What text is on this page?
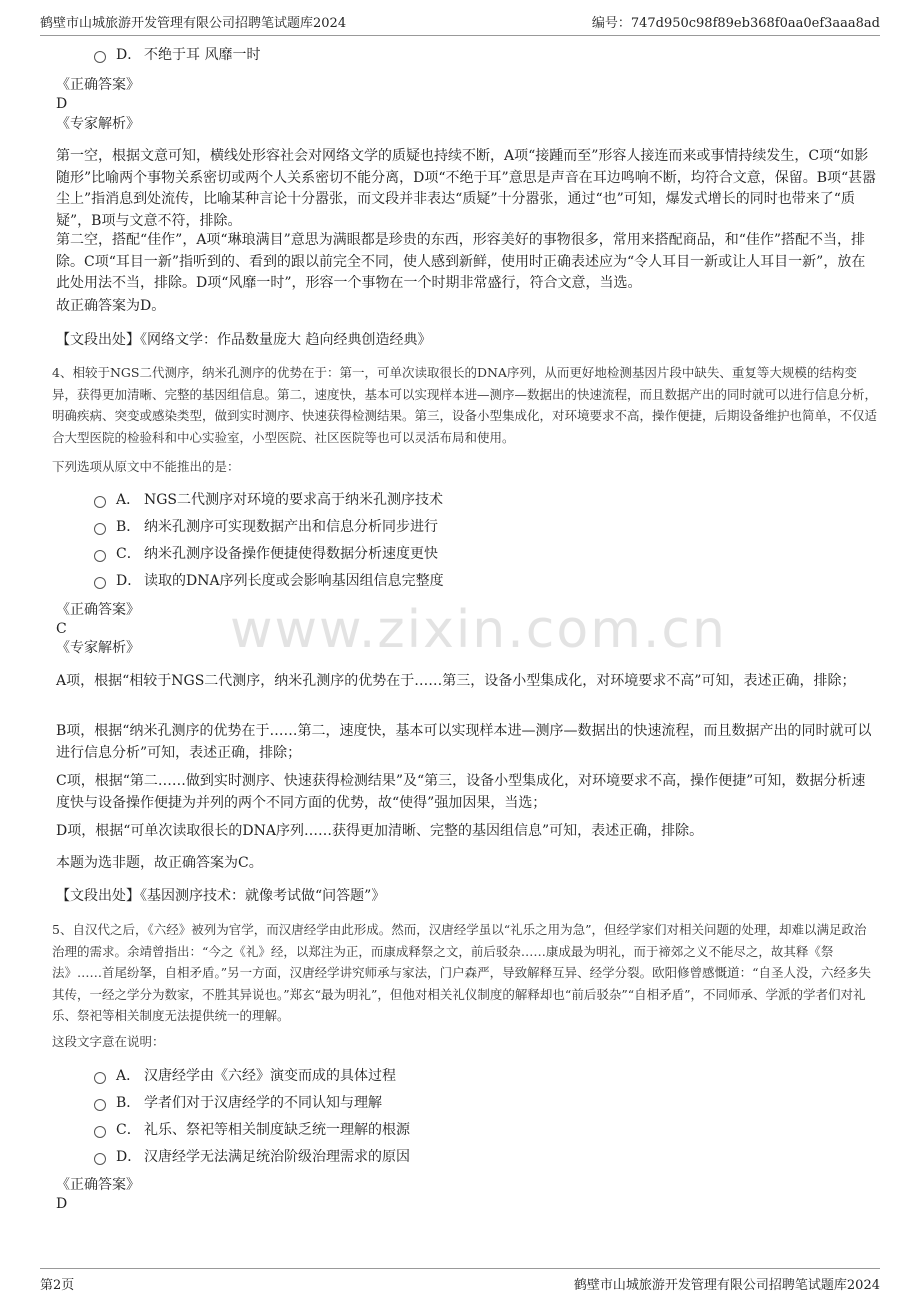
鹤壁市山城旅游开发管理有限公司招聘笔试题库2024	编号：747d950c98f89eb368f0aa0ef3aaa8ad
www.zixin.com.cn
D． 不绝于耳 风靡一时
《正确答案》
D
《专家解析》
第一空，根据文意可知，横线处形容社会对网络文学的质疑也持续不断，A项“接踵而至”形容人接连而来或事情持续发生，C项“如影随形”比喻两个事物关系密切或两个人关系密切不能分离，D项“不绝于耳”意思是声音在耳边鸣响不断，均符合文意，保留。B项“甚嚣尘上”指消息到处流传，比喻某种言论十分嚣张，而文段并非表达“质疑”十分嚣张，通过“也”可知，爆发式增长的同时也带来了“质疑”，B项与文意不符，排除。
第二空，搭配“佳作”，A项“琳琅满目”意思为满眼都是珍贵的东西，形容美好的事物很多，常用来搭配商品，和“佳作”搭配不当，排除。C项“耳目一新”指听到的、看到的跟以前完全不同，使人感到新鲜，使用时正确表述应为“令人耳目一新或让人耳目一新”，放在此处用法不当，排除。D项“风靡一时”，形容一个事物在一个时期非常盛行，符合文意，当选。
故正确答案为D。
【文段出处】《网络文学：作品数量庞大 趋向经典创造经典》
4、相较于NGS二代测序，纳米孔测序的优势在于：第一，可单次读取很长的DNA序列，从而更好地检测基因片段中缺失、重复等大规模的结构变异，获得更加清晰、完整的基因组信息。第二，速度快，基本可以实现样本进—测序—数据出的快速流程，而且数据产出的同时就可以进行信息分析，明确疾病、突变或感染类型，做到实时测序、快速获得检测结果。第三，设备小型集成化，对环境要求不高，操作便捷，后期设备维护也简单，不仅适合大型医院的检验科和中心实验室，小型医院、社区医院等也可以灵活布局和使用。
下列选项从原文中不能推出的是：
A． NGS二代测序对环境的要求高于纳米孔测序技术
B． 纳米孔测序可实现数据产出和信息分析同步进行
C． 纳米孔测序设备操作便捷使得数据分析速度更快
D． 读取的DNA序列长度或会影响基因组信息完整度
《正确答案》
C
《专家解析》
A项，根据“相较于NGS二代测序，纳米孔测序的优势在于……第三，设备小型集成化，对环境要求不高”可知，表述正确，排除；
B项，根据“纳米孔测序的优势在于……第二，速度快，基本可以实现样本进—测序—数据出的快速流程，而且数据产出的同时就可以进行信息分析”可知，表述正确，排除；
C项，根据“第二……做到实时测序、快速获得检测结果”及“第三，设备小型集成化，对环境要求不高，操作便捷”可知，数据分析速度快与设备操作便捷为并列的两个不同方面的优势，故“使得”强加因果，当选；
D项，根据“可单次读取很长的DNA序列……获得更加清晰、完整的基因组信息”可知，表述正确，排除。
本题为选非题，故正确答案为C。
【文段出处】《基因测序技术：就像考试做“问答题”》
5、自汉代之后，《六经》被列为官学，而汉唐经学由此形成。然而，汉唐经学虽以“礼乐之用为急”，但经学家们对相关问题的处理，却难以满足政治治理的需求。余靖曾指出：“今之《礼》经，以郑注为正，而康成释祭之文，前后驳杂……康成最为明礼，而于禘郊之义不能尽之，故其释《祭法》……首尾纷拏，自相矛盾。”另一方面，汉唐经学讲究师承与家法，门户森严，导致解释互异、经学分裂。欧阳修曾感慨道：“自圣人没，六经多失其传，一经之学分为数家，不胜其异说也。”郑玄“最为明礼”，但他对相关礼仪制度的解释却也“前后驳杂”“自相矛盾”，不同师承、学派的学者们对礼乐、祭祀等相关制度无法提供统一的理解。
这段文字意在说明：
A． 汉唐经学由《六经》演变而成的具体过程
B． 学者们对于汉唐经学的不同认知与理解
C． 礼乐、祭祀等相关制度缺乏统一理解的根源
D． 汉唐经学无法满足统治阶级治理需求的原因
《正确答案》
D
第2页	鹤壁市山城旅游开发管理有限公司招聘笔试题库2024
